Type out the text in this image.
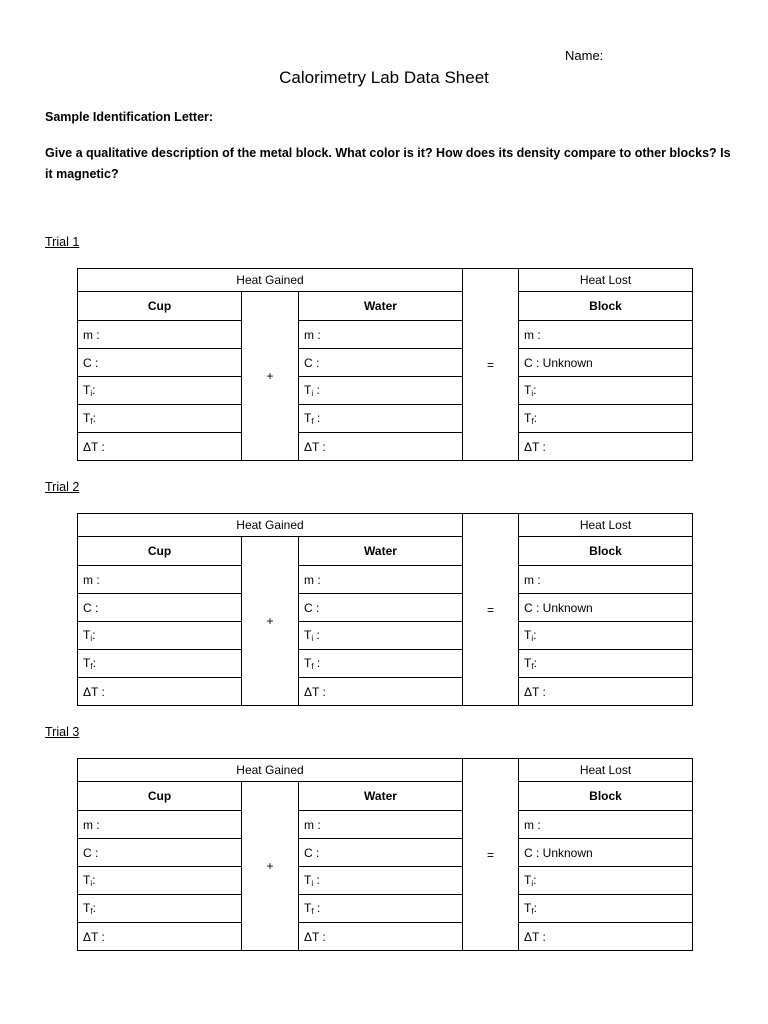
Name:
Calorimetry Lab Data Sheet
Sample Identification Letter:
Give a qualitative description of the metal block. What color is it? How does its density compare to other blocks? Is it magnetic?
Trial 1
Heat Gained			=	Heat Lost
Cup	+	Water		Block
m :		m :		m :
C :		C :		C : Unknown
$T_i$:		$T_i$ :		$T_i$:
$T_f$:		$T_f$ :		$T_f$:
ΔT :		ΔT :		ΔT :
Trial 2
Heat Gained			=	Heat Lost
Cup	+	Water		Block
m :		m :		m :
C :		C :		C : Unknown
$T_i$:		$T_i$ :		$T_i$:
$T_f$:		$T_f$ :		$T_f$:
ΔT :		ΔT :		ΔT :
Trial 3
Heat Gained			=	Heat Lost
Cup	+	Water		Block
m :		m :		m :
C :		C :		C : Unknown
$T_i$:		$T_i$ :		$T_i$:
$T_f$:		$T_f$ :		$T_f$:
ΔT :		ΔT :		ΔT :
